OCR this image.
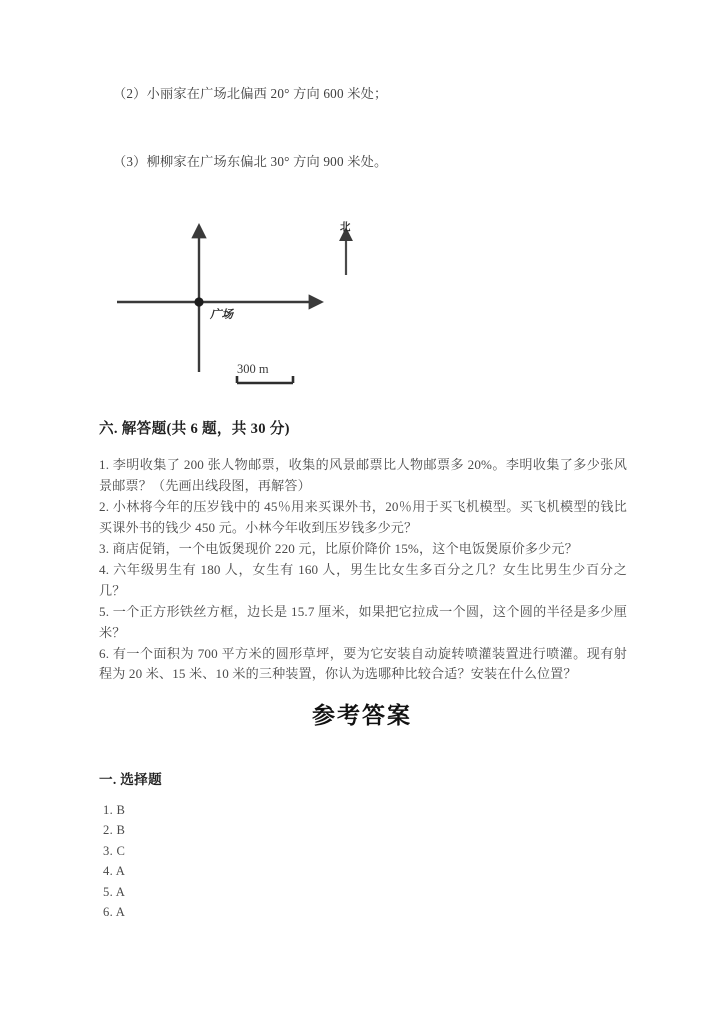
（2）小丽家在广场北偏西 20° 方向 600 米处；
（3）柳柳家在广场东偏北 30° 方向 900 米处。
广场
北
300 m
六. 解答题(共 6 题，共 30 分)

1. 李明收集了 200 张人物邮票，收集的风景邮票比人物邮票多 20%。李明收集了多少张风景邮票？（先画出线段图，再解答）

2. 小林将今年的压岁钱中的 45％用来买课外书，20％用于买飞机模型。买飞机模型的钱比买课外书的钱少 450 元。小林今年收到压岁钱多少元？

3. 商店促销，一个电饭煲现价 220 元，比原价降价 15%，这个电饭煲原价多少元？

4. 六年级男生有 180 人，女生有 160 人，男生比女生多百分之几？女生比男生少百分之几？

5. 一个正方形铁丝方框，边长是 15.7 厘米，如果把它拉成一个圆，这个圆的半径是多少厘米？

6. 有一个面积为 700 平方米的圆形草坪，要为它安装自动旋转喷灌装置进行喷灌。现有射程为 20 米、15 米、10 米的三种装置，你认为选哪种比较合适？安装在什么位置？

参考答案
一. 选择题
1. B
2. B
3. C
4. A
5. A
6. A
